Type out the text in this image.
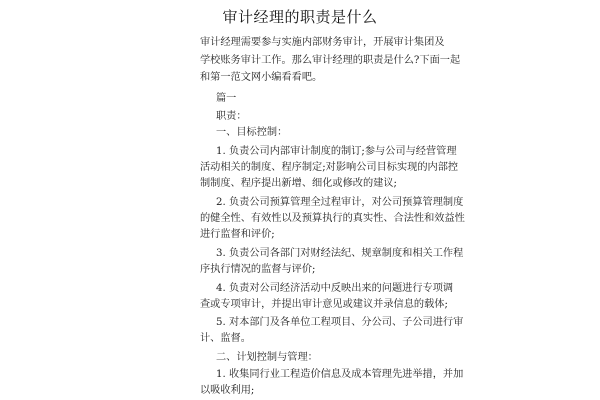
审计经理的职责是什么
审计经理需要参与实施内部财务审计，开展审计集团及
学校账务审计工作。那么审计经理的职责是什么?下面一起
和第一范文网小编看看吧。
篇一
职责：
一、目标控制：
1. 负责公司内部审计制度的制订;参与公司与经营管理
活动相关的制度、程序制定;对影响公司目标实现的内部控
制制度、程序提出新增、细化或修改的建议;
2. 负责公司预算管理全过程审计，对公司预算管理制度
的健全性、有效性以及预算执行的真实性、合法性和效益性
进行监督和评价;
3. 负责公司各部门对财经法纪、规章制度和相关工作程
序执行情况的监督与评价;
4. 负责对公司经济活动中反映出来的问题进行专项调
查或专项审计，并提出审计意见或建议并录信息的载体;
5. 对本部门及各单位工程项目、分公司、子公司进行审
计、监督。
二、计划控制与管理：
1. 收集同行业工程造价信息及成本管理先进举措，并加
以吸收利用;
